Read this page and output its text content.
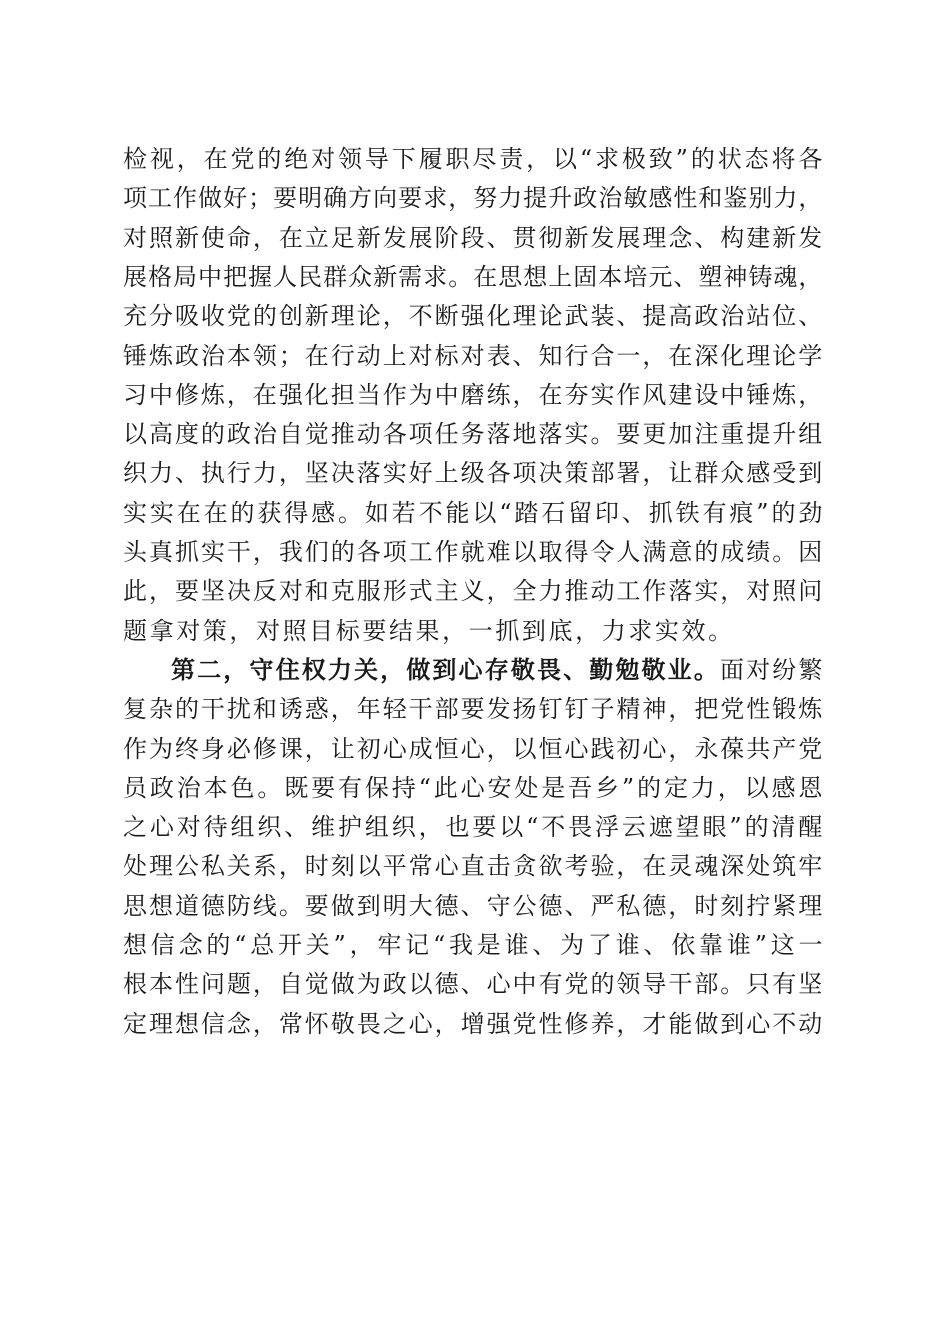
检 视 ， 在 党 的 绝 对 领 导 下 履 职 尽 责 ， 以 “ 求 极 致 ” 的 状 态 将 各
项 工 作 做 好 ； 要 明 确 方 向 要 求 ， 努 力 提 升 政 治 敏 感 性 和 鉴 别 力 ，
对 照 新 使 命 ， 在 立 足 新 发 展 阶 段 、 贯 彻 新 发 展 理 念 、 构 建 新 发
展 格 局 中 把 握 人 民 群 众 新 需 求 。 在 思 想 上 固 本 培 元 、 塑 神 铸 魂 ，
充 分 吸 收 党 的 创 新 理 论 ， 不 断 强 化 理 论 武 装 、 提 高 政 治 站 位 、
锤 炼 政 治 本 领 ； 在 行 动 上 对 标 对 表 、 知 行 合 一 ， 在 深 化 理 论 学
习 中 修 炼 ， 在 强 化 担 当 作 为 中 磨 练 ， 在 夯 实 作 风 建 设 中 锤 炼 ，
以 高 度 的 政 治 自 觉 推 动 各 项 任 务 落 地 落 实 。 要 更 加 注 重 提 升 组
织 力 、 执 行 力 ， 坚 决 落 实 好 上 级 各 项 决 策 部 署 ， 让 群 众 感 受 到
实 实 在 在 的 获 得 感 。 如 若 不 能 以 “ 踏 石 留 印 、 抓 铁 有 痕 ” 的 劲
头 真 抓 实 干 ， 我 们 的 各 项 工 作 就 难 以 取 得 令 人 满 意 的 成 绩 。 因
此 ， 要 坚 决 反 对 和 克 服 形 式 主 义 ， 全 力 推 动 工 作 落 实 ， 对 照 问
题 拿 对 策 ， 对 照 目 标 要 结 果 ， 一 抓 到 底 ， 力 求 实 效 。
第 二 ， 守 住 权 力 关 ， 做 到 心 存 敬 畏 、 勤 勉 敬 业 。 面 对 纷 繁
复 杂 的 干 扰 和 诱 惑 ， 年 轻 干 部 要 发 扬 钉 钉 子 精 神 ， 把 党 性 锻 炼
作 为 终 身 必 修 课 ， 让 初 心 成 恒 心 ， 以 恒 心 践 初 心 ， 永 葆 共 产 党
员 政 治 本 色 。 既 要 有 保 持 “ 此 心 安 处 是 吾 乡 ” 的 定 力 ， 以 感 恩
之 心 对 待 组 织 、 维 护 组 织 ， 也 要 以 “ 不 畏 浮 云 遮 望 眼 ” 的 清 醒
处 理 公 私 关 系 ， 时 刻 以 平 常 心 直 击 贪 欲 考 验 ， 在 灵 魂 深 处 筑 牢
思 想 道 德 防 线 。 要 做 到 明 大 德 、 守 公 德 、 严 私 德 ， 时 刻 拧 紧 理
想 信 念 的 “ 总 开 关 ” ， 牢 记 “ 我 是 谁 、 为 了 谁 、 依 靠 谁 ” 这 一
根 本 性 问 题 ， 自 觉 做 为 政 以 德 、 心 中 有 党 的 领 导 干 部 。 只 有 坚
定 理 想 信 念 ， 常 怀 敬 畏 之 心 ， 增 强 党 性 修 养 ， 才 能 做 到 心 不 动
